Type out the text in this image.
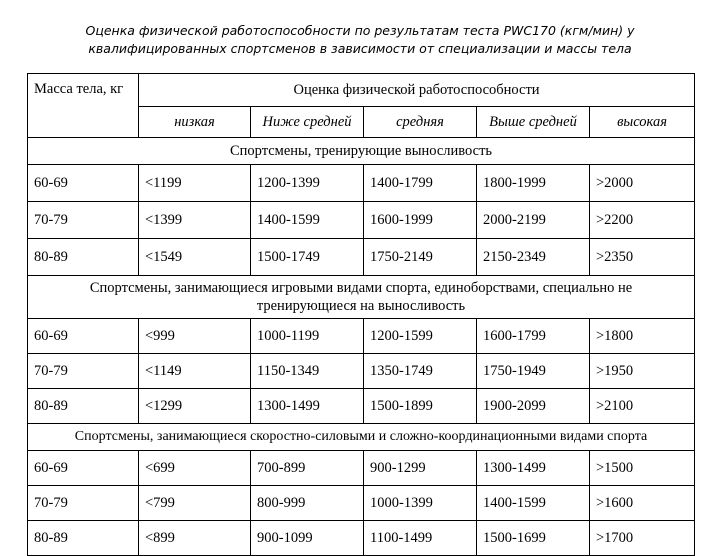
Оценка физической работоспособности по результатам теста PWC170 (кгм/мин) у
квалифицированных спортсменов в зависимости от специализации и массы тела
Масса тела, кг	Оценка физической работоспособности				
	низкая	Ниже средней	средняя	Выше средней	высокая
Спортсмены, тренирующие выносливость					
60-69	<1199	1200-1399	1400-1799	1800-1999	>2000
70-79	<1399	1400-1599	1600-1999	2000-2199	>2200
80-89	<1549	1500-1749	1750-2149	2150-2349	>2350
Спортсмены, занимающиеся игровыми видами спорта, единоборствами, специально не тренирующиеся на выносливость					
60-69	<999	1000-1199	1200-1599	1600-1799	>1800
70-79	<1149	1150-1349	1350-1749	1750-1949	>1950
80-89	<1299	1300-1499	1500-1899	1900-2099	>2100
Спортсмены, занимающиеся скоростно-силовыми и сложно-координационными видами спорта					
60-69	<699	700-899	900-1299	1300-1499	>1500
70-79	<799	800-999	1000-1399	1400-1599	>1600
80-89	<899	900-1099	1100-1499	1500-1699	>1700
